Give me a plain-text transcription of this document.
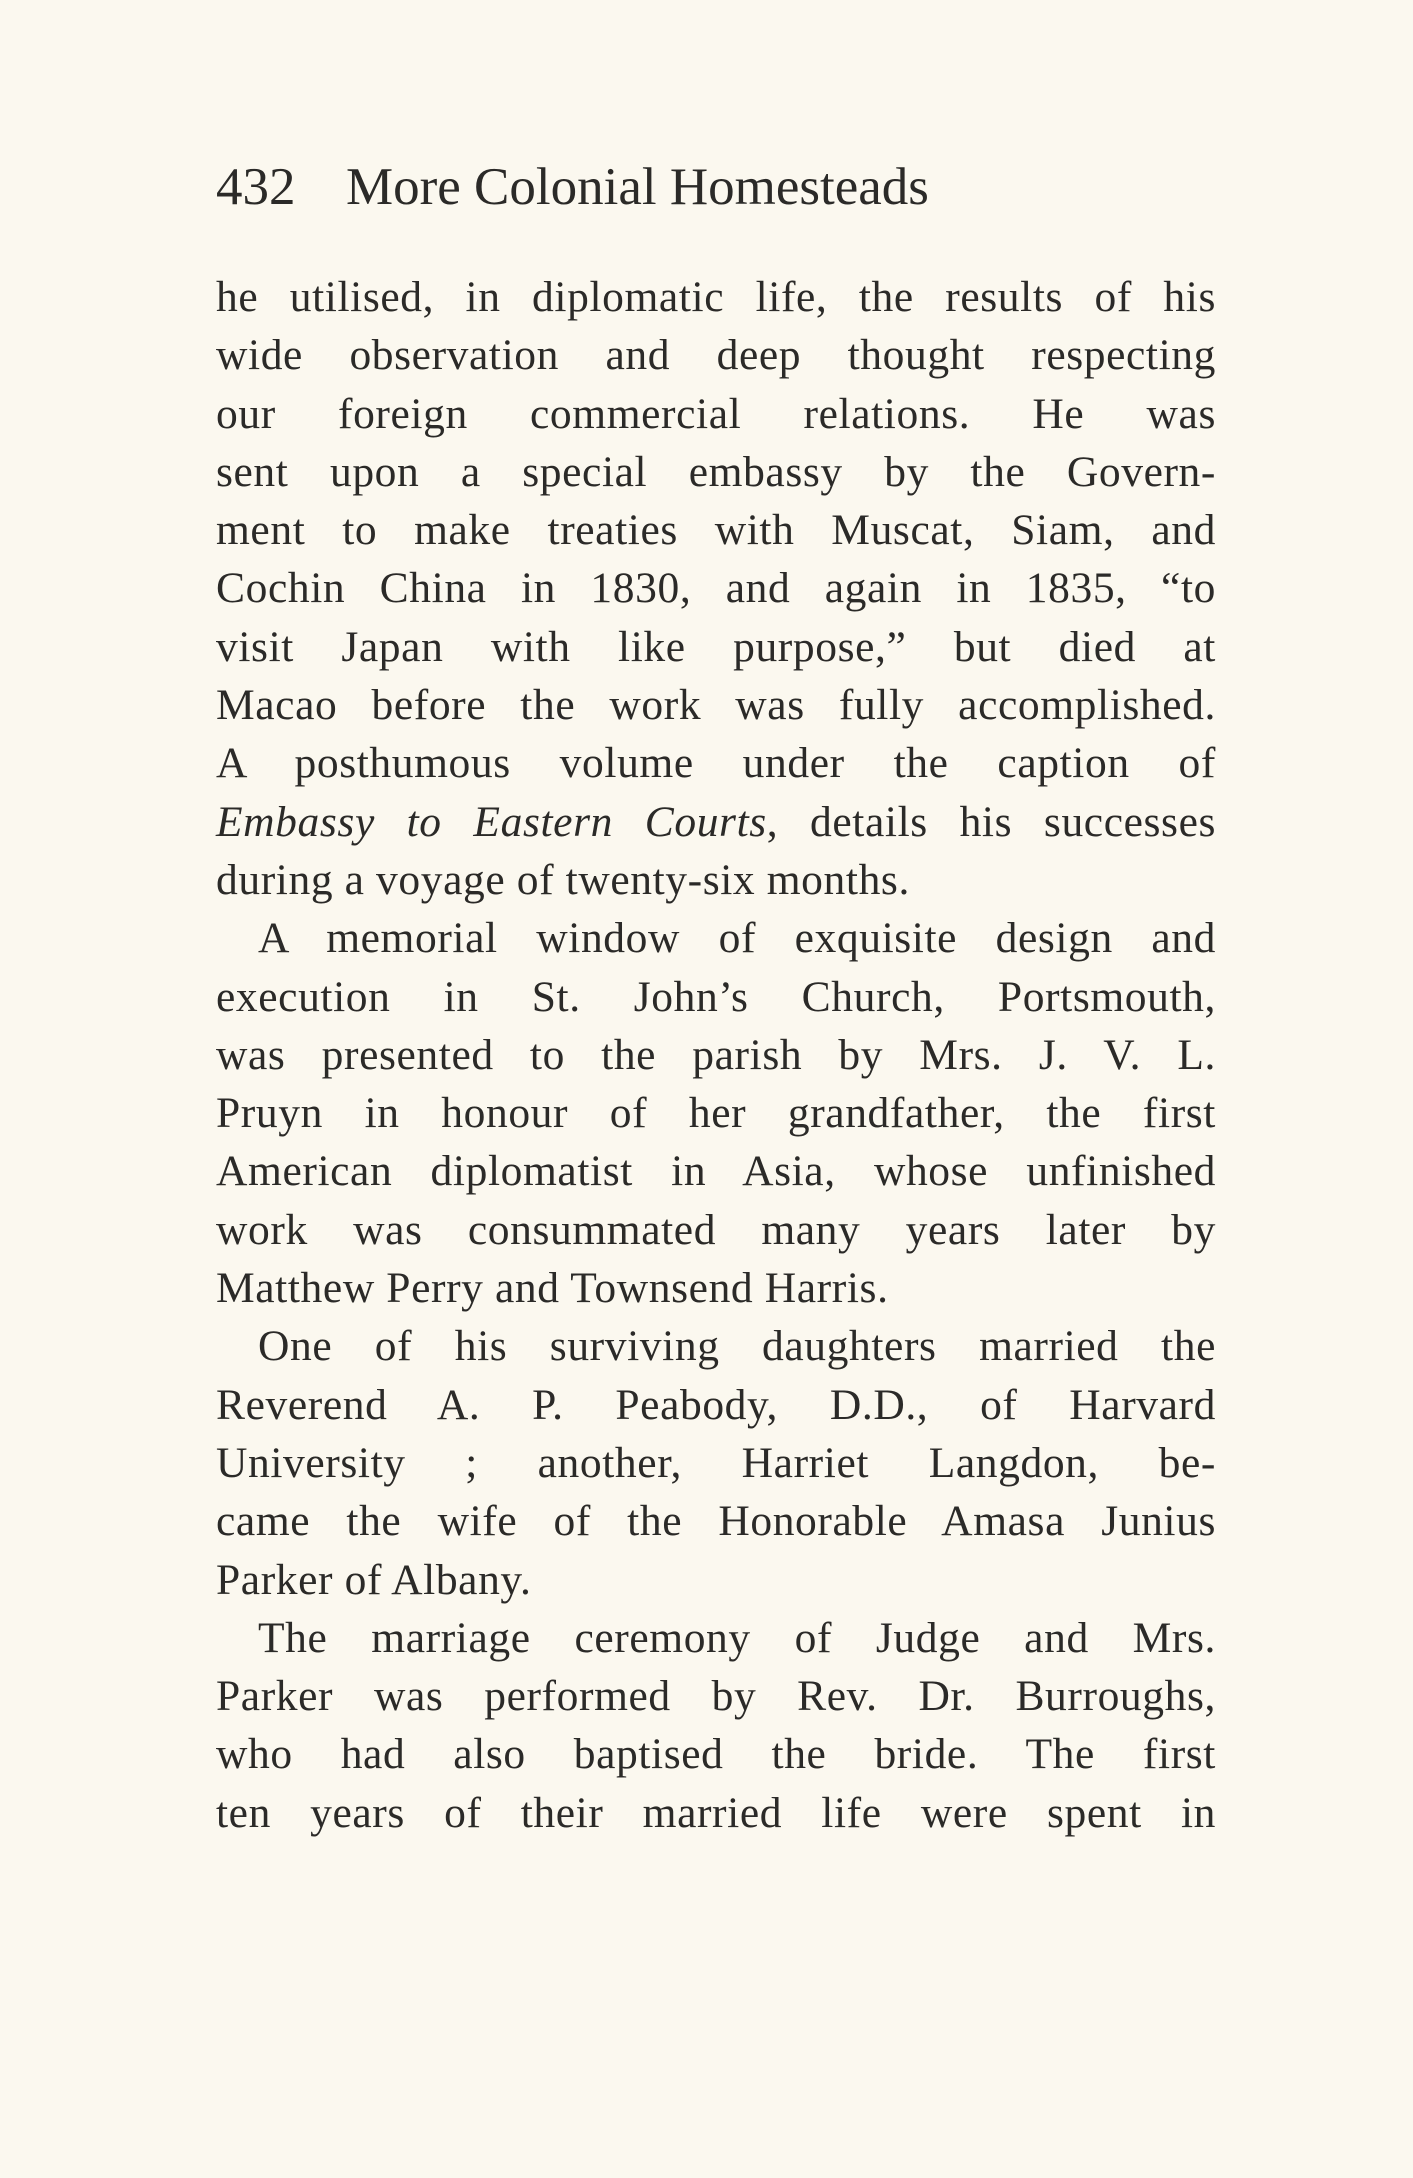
432 More Colonial Homesteads
he utilised, in diplomatic life, the results of his
wide observation and deep thought respecting
our foreign commercial relations. He was
sent upon a special embassy by the Govern-
ment to make treaties with Muscat, Siam, and
Cochin China in 1830, and again in 1835, “to
visit Japan with like purpose,” but died at
Macao before the work was fully accomplished.
A posthumous volume under the caption of
Embassy to Eastern Courts, details his successes
during a voyage of twenty-six months.
A memorial window of exquisite design and
execution in St. John’s Church, Portsmouth,
was presented to the parish by Mrs. J. V. L.
Pruyn in honour of her grandfather, the first
American diplomatist in Asia, whose unfinished
work was consummated many years later by
Matthew Perry and Townsend Harris.
One of his surviving daughters married the
Reverend A. P. Peabody, D.D., of Harvard
University ; another, Harriet Langdon, be-
came the wife of the Honorable Amasa Junius
Parker of Albany.
The marriage ceremony of Judge and Mrs.
Parker was performed by Rev. Dr. Burroughs,
who had also baptised the bride. The first
ten years of their married life were spent in
